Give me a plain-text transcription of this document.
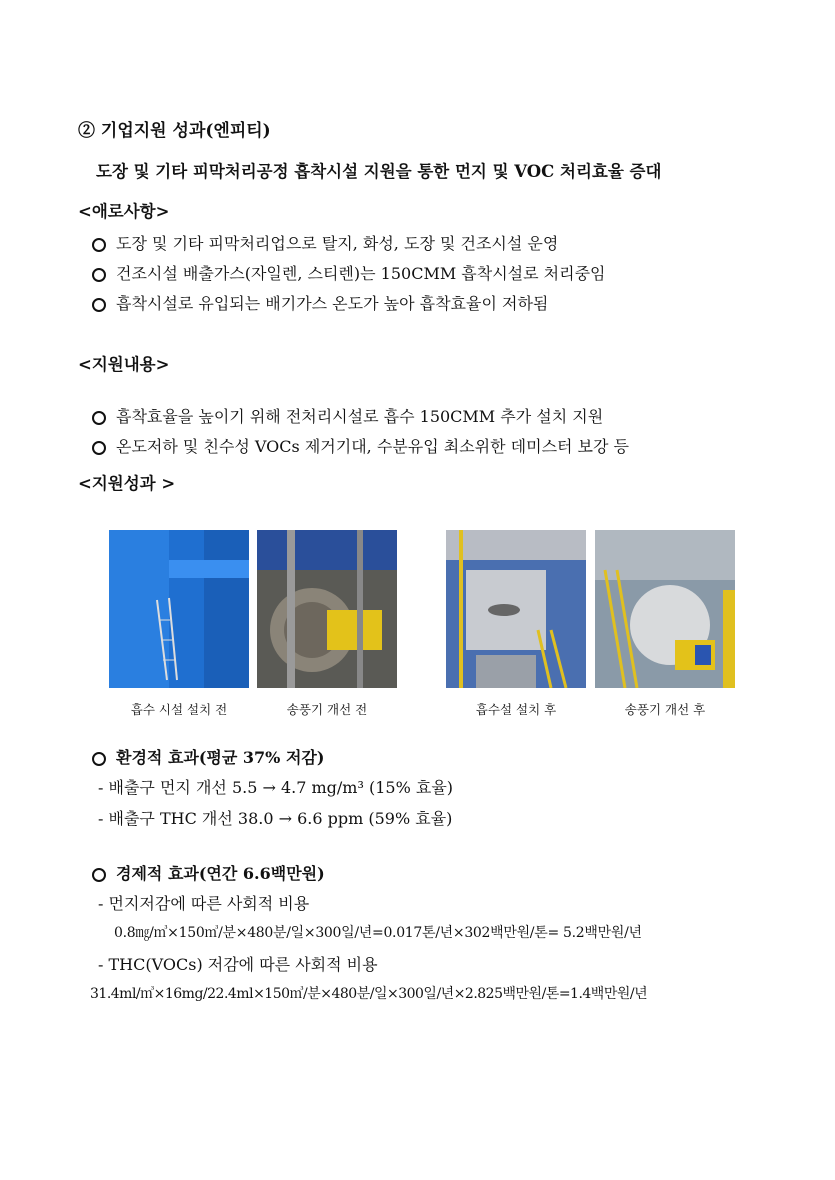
② 기업지원 성과(엔피티)
도장 및 기타 피막처리공정 흡착시설 지원을 통한 먼지 및 VOC 처리효율 증대
<애로사항>
도장 및 기타 피막처리업으로 탈지, 화성, 도장 및 건조시설 운영
건조시설 배출가스(자일렌, 스티렌)는 150CMM 흡착시설로 처리중임
흡착시설로 유입되는 배기가스 온도가 높아 흡착효율이 저하됨
<지원내용>
흡착효율을 높이기 위해 전처리시설로 흡수 150CMM 추가 설치 지원
온도저하 및 친수성 VOCs 제거기대, 수분유입 최소위한 데미스터 보강 등
<지원성과 >
흡수 시설 설치 전	송풍기 개선 전	흡수설 설치 후	송풍기 개선 후
환경적 효과(평균 37% 저감)
- 배출구 먼지 개선 5.5 → 4.7 mg/m³ (15% 효율)
- 배출구 THC 개선 38.0 → 6.6 ppm (59% 효율)
경제적 효과(연간 6.6백만원)
- 먼지저감에 따른 사회적 비용
0.8㎎/㎥×150㎥/분×480분/일×300일/년=0.017톤/년×302백만원/톤= 5.2백만원/년
- THC(VOCs) 저감에 따른 사회적 비용
31.4ml/㎥×16mg/22.4ml×150㎥/분×480분/일×300일/년×2.825백만원/톤=1.4백만원/년
